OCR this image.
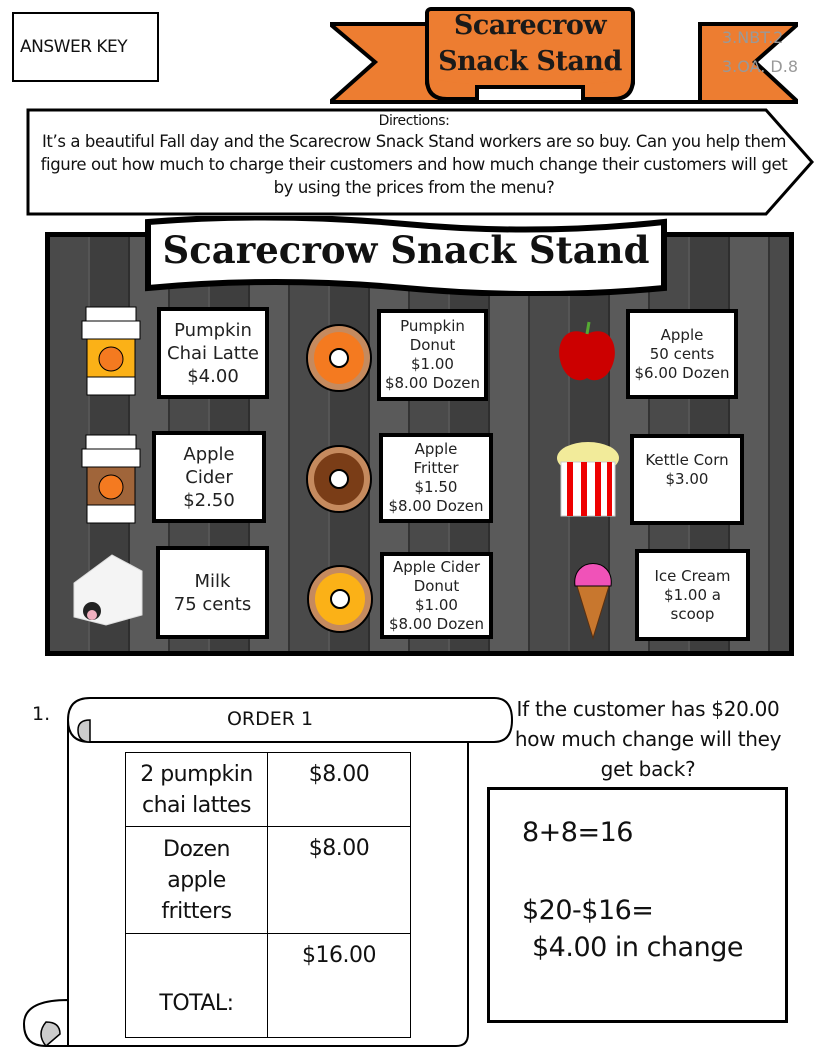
ANSWER KEY
Scarecrow
Snack Stand
3.NBT.2
3.OA. D.8
Directions:
It’s a beautiful Fall day and the Scarecrow Snack Stand workers are so buy. Can you help them figure out how much to charge their customers and how much change their customers will get by using the prices from the menu?
Scarecrow Snack Stand
Pumpkin
Chai Latte
$4.00
Pumpkin
Donut
$1.00
$8.00 Dozen
Apple
50 cents
$6.00 Dozen
Apple
Cider
$2.50
Apple
Fritter
$1.50
$8.00 Dozen
Kettle Corn
$3.00
Milk
75 cents
Apple Cider
Donut
$1.00
$8.00 Dozen
Ice Cream
$1.00 a
scoop
1.	ORDER 1
2 pumpkin
chai lattes	$8.00

Dozen
apple
fritters	$8.00
TOTAL:	$16.00
If the customer has $20.00
how much change will they
get back?
8+8=16
$20-$16=
$4.00 in change
